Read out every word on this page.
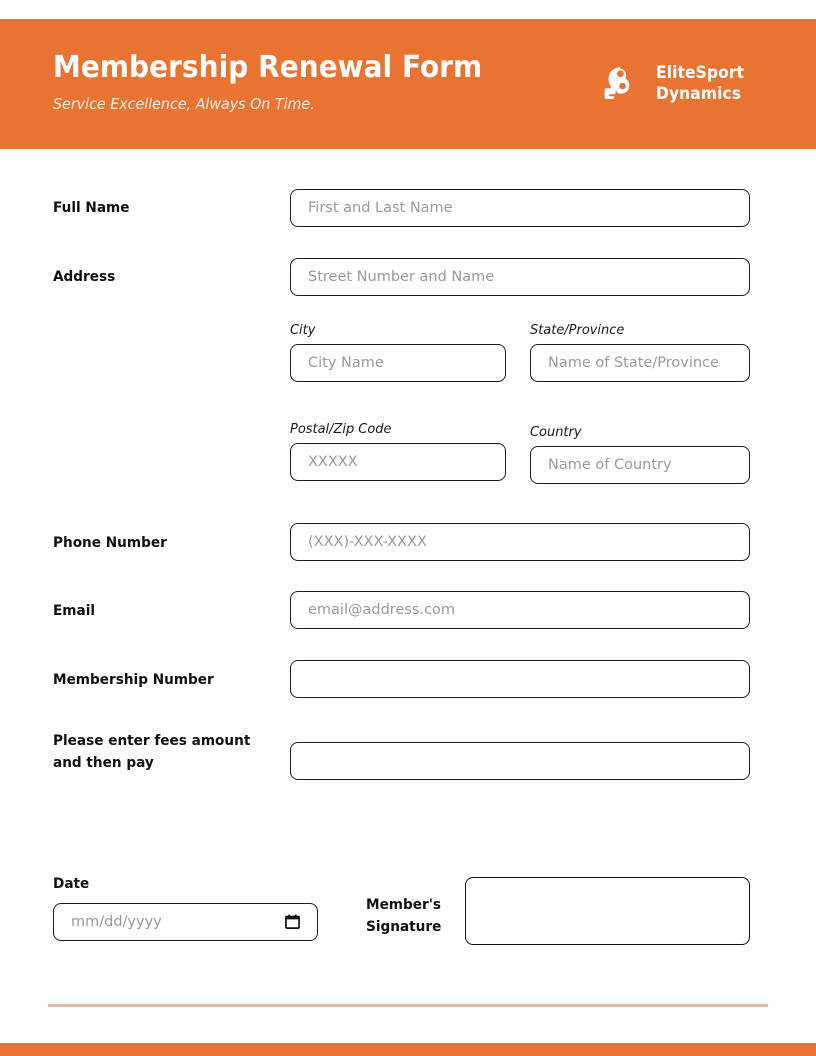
Membership Renewal Form
Service Excellence, Always On Time.
EliteSport
Dynamics
Full Name
First and Last Name
Address
Street Number and Name
City
City Name	State/Province
Name of State/Province
Postal/Zip Code
XXXXX	Country
Name of Country
Phone Number
(XXX)-XXX-XXXX
Email
email@address.com
Membership Number
Please enter fees amount
and then pay
Date
mm/dd/yyyy
Member's
Signature
